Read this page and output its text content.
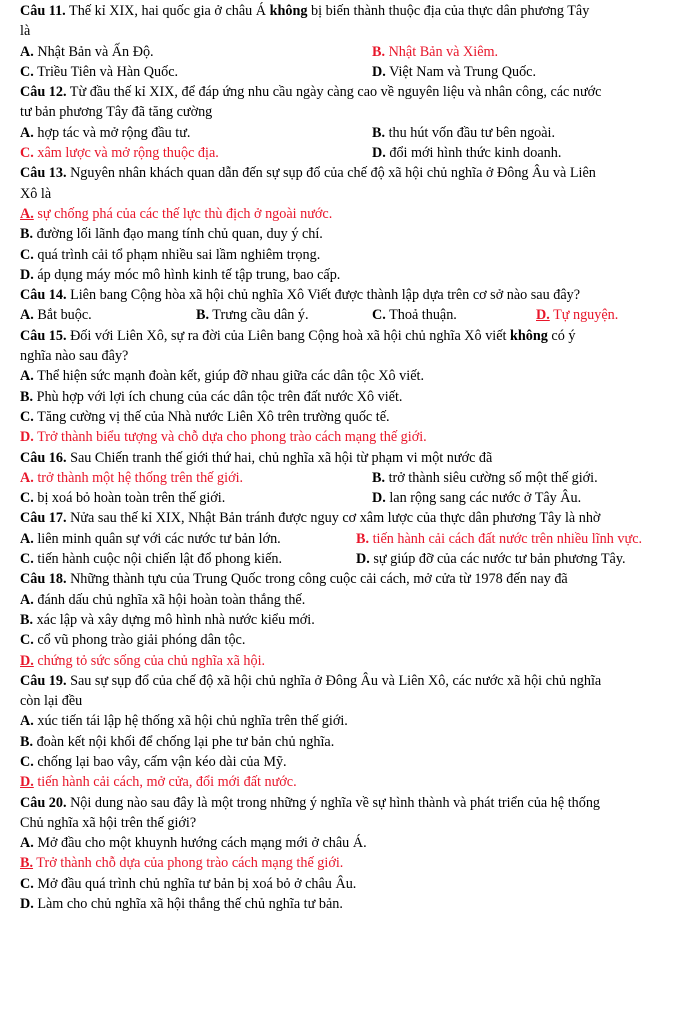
Câu 11. Thế kỉ XIX, hai quốc gia ở châu Á không bị biến thành thuộc địa của thực dân phương Tây

là

A. Nhật Bản và Ấn Độ.	B. Nhật Bản và Xiêm.
C. Triều Tiên và Hàn Quốc.	D. Việt Nam và Trung Quốc.

Câu 12. Từ đầu thế kỉ XIX, để đáp ứng nhu cầu ngày càng cao về nguyên liệu và nhân công, các nước

tư bản phương Tây đã tăng cường

A. hợp tác và mở rộng đầu tư.	B. thu hút vốn đầu tư bên ngoài.
C. xâm lược và mở rộng thuộc địa.	D. đổi mới hình thức kinh doanh.

Câu 13. Nguyên nhân khách quan dẫn đến sự sụp đổ của chế độ xã hội chủ nghĩa ở Đông Âu và Liên

Xô là

A. sự chống phá của các thế lực thù địch ở ngoài nước.
B. đường lối lãnh đạo mang tính chủ quan, duy ý chí.
C. quá trình cải tổ phạm nhiều sai lầm nghiêm trọng.
D. áp dụng máy móc mô hình kinh tế tập trung, bao cấp.

Câu 14. Liên bang Cộng hòa xã hội chủ nghĩa Xô Viết được thành lập dựa trên cơ sở nào sau đây?

A. Bắt buộc.	B. Trưng cầu dân ý.	C. Thoả thuận.	D. Tự nguyện.

Câu 15. Đối với Liên Xô, sự ra đời của Liên bang Cộng hoà xã hội chủ nghĩa Xô viết không có ý

nghĩa nào sau đây?

A. Thể hiện sức mạnh đoàn kết, giúp đỡ nhau giữa các dân tộc Xô viết.
B. Phù hợp với lợi ích chung của các dân tộc trên đất nước Xô viết.
C. Tăng cường vị thế của Nhà nước Liên Xô trên trường quốc tế.
D. Trở thành biểu tượng và chỗ dựa cho phong trào cách mạng thế giới.

Câu 16. Sau Chiến tranh thế giới thứ hai, chủ nghĩa xã hội từ phạm vi một nước đã

A. trở thành một hệ thống trên thế giới.	B. trở thành siêu cường số một thế giới.
C. bị xoá bỏ hoàn toàn trên thế giới.	D. lan rộng sang các nước ở Tây Âu.

Câu 17. Nửa sau thế kỉ XIX, Nhật Bản tránh được nguy cơ xâm lược của thực dân phương Tây là nhờ

A. liên minh quân sự với các nước tư bản lớn.	B. tiến hành cải cách đất nước trên nhiều lĩnh vực.
C. tiến hành cuộc nội chiến lật đổ phong kiến.	D. sự giúp đỡ của các nước tư bản phương Tây.

Câu 18. Những thành tựu của Trung Quốc trong công cuộc cải cách, mở cửa từ 1978 đến nay đã

A. đánh dấu chủ nghĩa xã hội hoàn toàn thắng thế.
B. xác lập và xây dựng mô hình nhà nước kiểu mới.
C. cổ vũ phong trào giải phóng dân tộc.
D. chứng tỏ sức sống của chủ nghĩa xã hội.

Câu 19. Sau sự sụp đổ của chế độ xã hội chủ nghĩa ở Đông Âu và Liên Xô, các nước xã hội chủ nghĩa

còn lại đều

A. xúc tiến tái lập hệ thống xã hội chủ nghĩa trên thế giới.
B. đoàn kết nội khối để chống lại phe tư bản chủ nghĩa.
C. chống lại bao vây, cấm vận kéo dài của Mỹ.
D. tiến hành cải cách, mở cửa, đổi mới đất nước.

Câu 20. Nội dung nào sau đây là một trong những ý nghĩa về sự hình thành và phát triển của hệ thống

Chủ nghĩa xã hội trên thế giới?

A. Mở đầu cho một khuynh hướng cách mạng mới ở châu Á.
B. Trở thành chỗ dựa của phong trào cách mạng thế giới.
C. Mở đầu quá trình chủ nghĩa tư bản bị xoá bỏ ở châu Âu.
D. Làm cho chủ nghĩa xã hội thắng thế chủ nghĩa tư bản.
